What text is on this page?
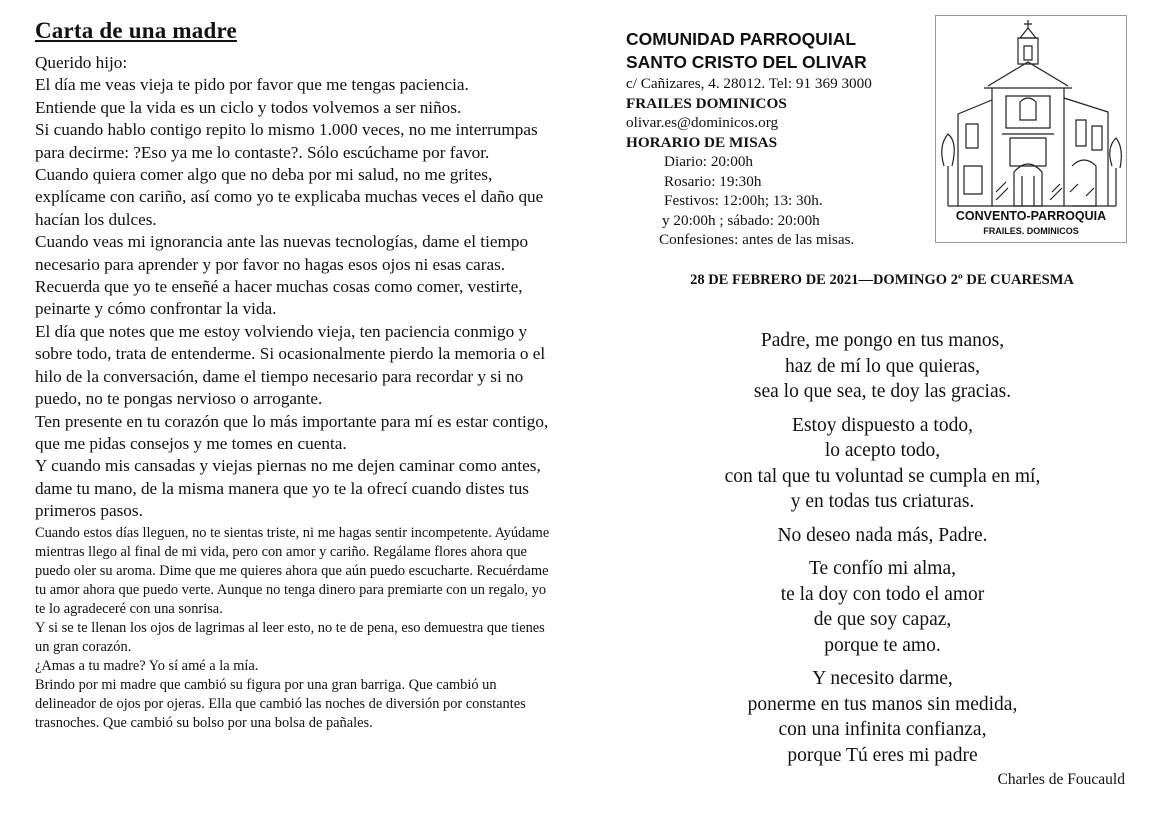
Carta de una madre

Querido hijo:

El día me veas vieja te pido por favor que me tengas paciencia.

Entiende que la vida es un ciclo y todos volvemos a ser niños.

Si cuando hablo contigo repito lo mismo 1.000 veces, no me interrumpas para decirme: ?Eso ya me lo contaste?. Sólo escúchame por favor.

Cuando quiera comer algo que no deba por mi salud, no me grites, explícame con cariño, así como yo te explicaba muchas veces el daño que hacían los dulces.

Cuando veas mi ignorancia ante las nuevas tecnologías, dame el tiempo necesario para aprender y por favor no hagas esos ojos ni esas caras. Recuerda que yo te enseñé a hacer muchas cosas como comer, vestirte, peinarte y cómo confrontar la vida.

El día que notes que me estoy volviendo vieja, ten paciencia conmigo y sobre todo, trata de entenderme. Si ocasionalmente pierdo la memoria o el hilo de la conversación, dame el tiempo necesario para recordar y si no puedo, no te pongas nervioso o arrogante.

Ten presente en tu corazón que lo más importante para mí es estar contigo, que me pidas consejos y me tomes en cuenta.

Y cuando mis cansadas y viejas piernas no me dejen caminar como antes, dame tu mano, de la misma manera que yo te la ofrecí cuando distes tus primeros pasos.

Cuando estos días lleguen, no te sientas triste, ni me hagas sentir incompetente. Ayúdame mientras llego al final de mi vida, pero con amor y cariño. Regálame flores ahora que puedo oler su aroma. Dime que me quieres ahora que aún puedo escucharte. Recuérdame tu amor ahora que puedo verte. Aunque no tenga dinero para premiarte con un regalo, yo te lo agradeceré con una sonrisa.

Y si se te llenan los ojos de lagrimas al leer esto, no te de pena, eso demuestra que tienes un gran corazón.

¿Amas a tu madre? Yo sí amé a la mía.

Brindo por mi madre que cambió su figura por una gran barriga. Que cambió un delineador de ojos por ojeras. Ella que cambió las noches de diversión por constantes trasnoches. Que cambió su bolso por una bolsa de pañales.

COMUNIDAD PARROQUIAL
SANTO CRISTO DEL OLIVAR
c/ Cañizares, 4. 28012. Tel: 91 369 3000
FRAILES DOMINICOS
olivar.es@dominicos.org
HORARIO DE MISAS
Diario: 20:00h
Rosario: 19:30h
Festivos: 12:00h; 13: 30h.
y 20:00h ; sábado: 20:00h
Confesiones: antes de las misas.
CONVENTO-PARROQUIA
FRAILES. DOMINICOS
28 DE FEBRERO DE 2021—DOMINGO 2º DE CUARESMA
Padre, me pongo en tus manos,
haz de mí lo que quieras,
sea lo que sea, te doy las gracias.
Estoy dispuesto a todo,
lo acepto todo,
con tal que tu voluntad se cumpla en mí,
y en todas tus criaturas.
No deseo nada más, Padre.
Te confío mi alma,
te la doy con todo el amor
de que soy capaz,
porque te amo.
Y necesito darme,
ponerme en tus manos sin medida,
con una infinita confianza,
porque Tú eres mi padre
Charles de Foucauld
